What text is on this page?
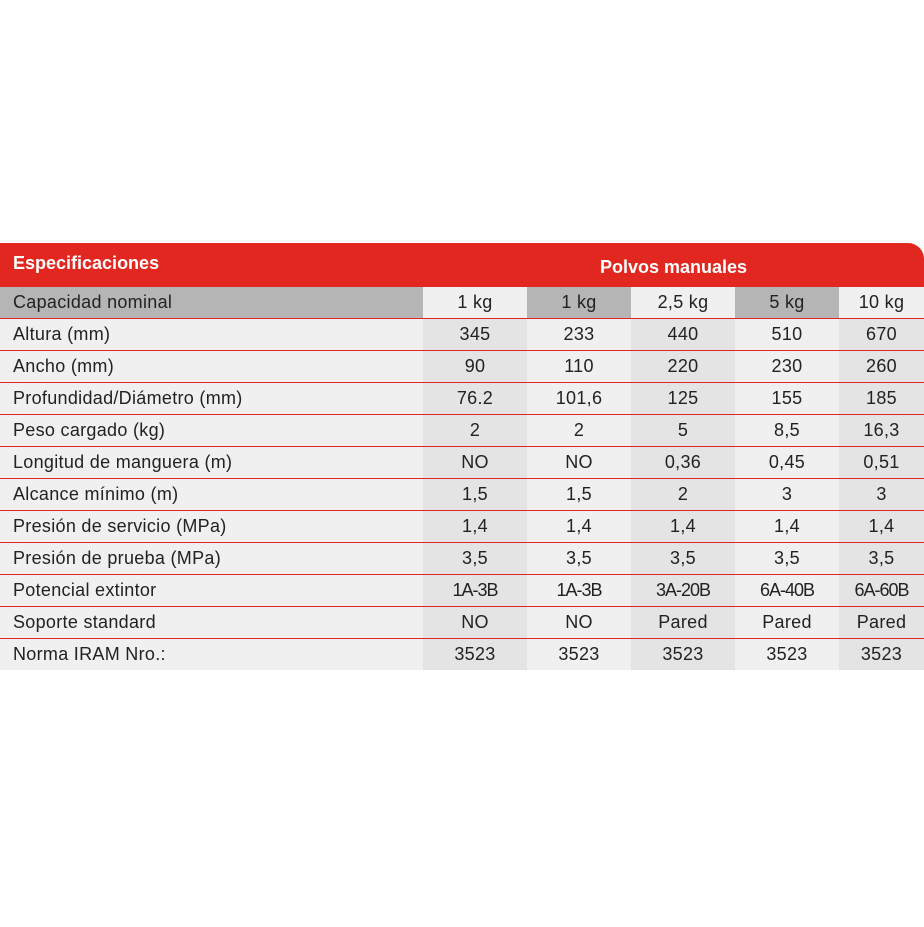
Especificaciones	Polvos manuales
Capacidad nominal	1 kg	1 kg	2,5 kg	5 kg	10 kg
Altura (mm)	345	233	440	510	670
Ancho (mm)	90	110	220	230	260
Profundidad/Diámetro (mm)	76.2	101,6	125	155	185
Peso cargado (kg)	2	2	5	8,5	16,3
Longitud de manguera (m)	NO	NO	0,36	0,45	0,51
Alcance mínimo (m)	1,5	1,5	2	3	3
Presión de servicio (MPa)	1,4	1,4	1,4	1,4	1,4
Presión de prueba (MPa)	3,5	3,5	3,5	3,5	3,5
Potencial extintor	1A-3B	1A-3B	3A-20B	6A-40B	6A-60B
Soporte standard	NO	NO	Pared	Pared	Pared
Norma IRAM Nro.:	3523	3523	3523	3523	3523
